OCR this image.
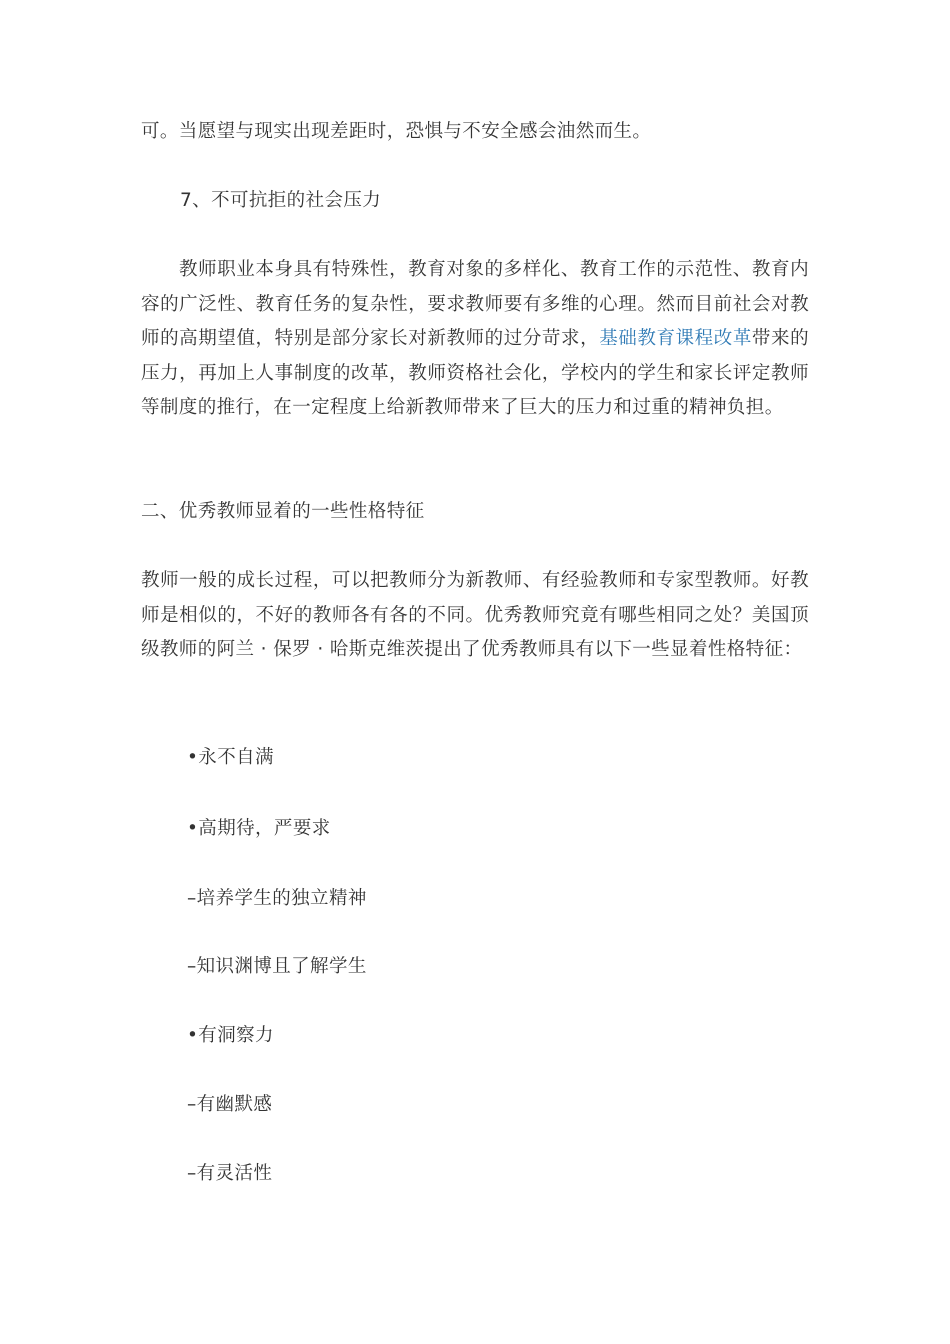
可。当愿望与现实出现差距时，恐惧与不安全感会油然而生。

7、不可抗拒的社会压力

教师职业本身具有特殊性，教育对象的多样化、教育工作的示范性、教育内容的广泛性、教育任务的复杂性，要求教师要有多维的心理。然而目前社会对教师的高期望值，特别是部分家长对新教师的过分苛求，基础教育课程改革带来的压力，再加上人事制度的改革，教师资格社会化，学校内的学生和家长评定教师等制度的推行，在一定程度上给新教师带来了巨大的压力和过重的精神负担。

二、优秀教师显着的一些性格特征

教师一般的成长过程，可以把教师分为新教师、有经验教师和专家型教师。好教师是相似的，不好的教师各有各的不同。优秀教师究竟有哪些相同之处？美国顶级教师的阿兰 · 保罗 · 哈斯克维茨提出了优秀教师具有以下一些显着性格特征：

•永不自满

•高期待，严要求

–培养学生的独立精神

–知识渊博且了解学生

•有洞察力

–有幽默感

–有灵活性
